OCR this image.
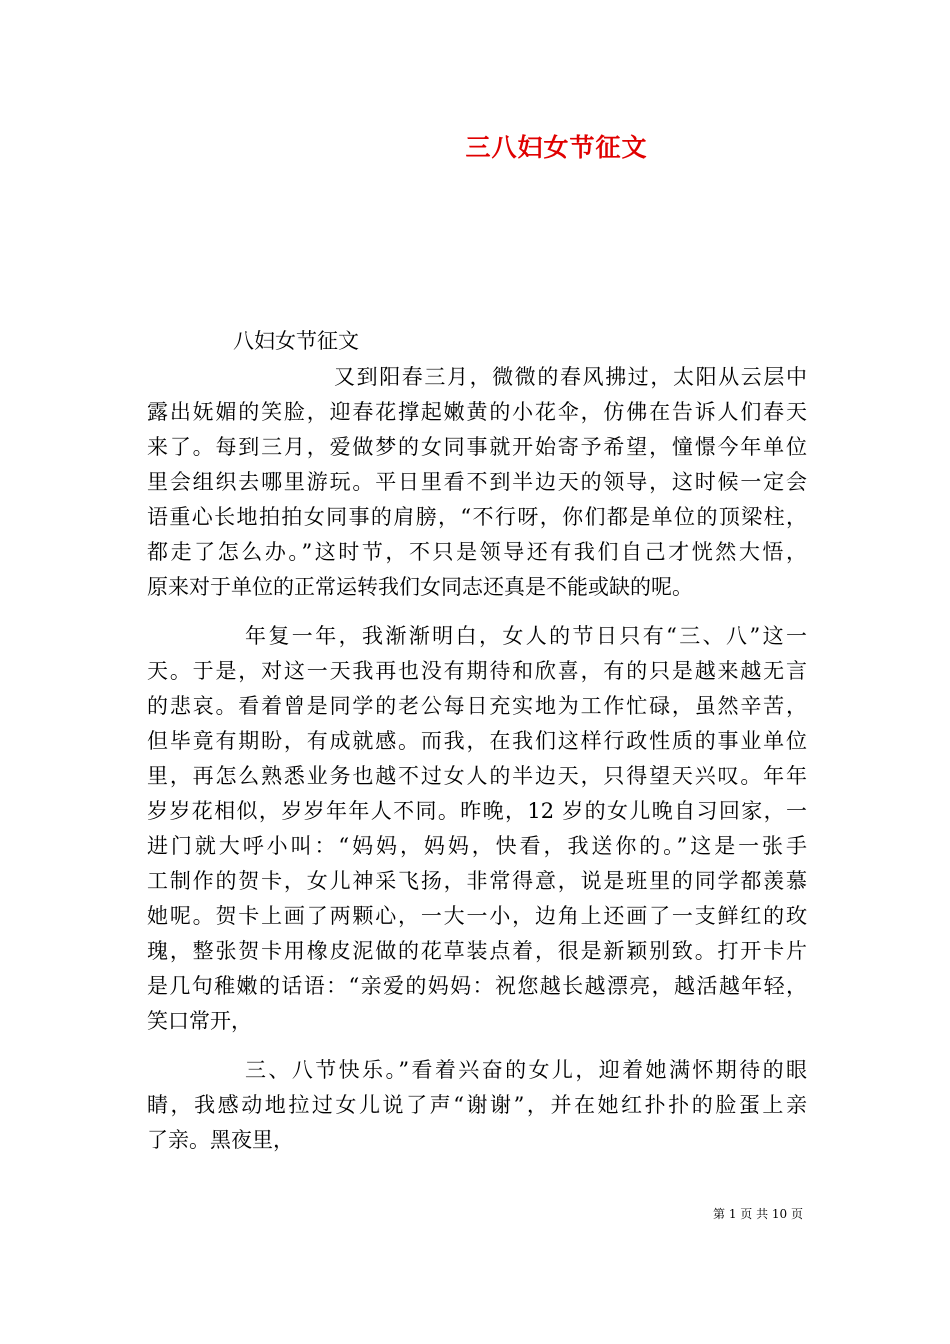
三八妇女节征文
八妇女节征文
又到阳春三月，微微的春风拂过，太阳从云层中
露出妩媚的笑脸，迎春花撑起嫩黄的小花伞，仿佛在告诉人们春天
来了。每到三月，爱做梦的女同事就开始寄予希望，憧憬今年单位
里会组织去哪里游玩。平日里看不到半边天的领导，这时候一定会
语重心长地拍拍女同事的肩膀，“不行呀，你们都是单位的顶梁柱，
都走了怎么办。”这时节，不只是领导还有我们自己才恍然大悟，
原来对于单位的正常运转我们女同志还真是不能或缺的呢。
年复一年，我渐渐明白，女人的节日只有“三、八”这一
天。于是，对这一天我再也没有期待和欣喜，有的只是越来越无言
的悲哀。看着曾是同学的老公每日充实地为工作忙碌，虽然辛苦，
但毕竟有期盼，有成就感。而我，在我们这样行政性质的事业单位
里，再怎么熟悉业务也越不过女人的半边天，只得望天兴叹。年年
岁岁花相似，岁岁年年人不同。昨晚，12 岁的女儿晚自习回家，一
进门就大呼小叫：“妈妈，妈妈，快看，我送你的。”这是一张手
工制作的贺卡，女儿神采飞扬，非常得意，说是班里的同学都羡慕
她呢。贺卡上画了两颗心，一大一小，边角上还画了一支鲜红的玫
瑰，整张贺卡用橡皮泥做的花草装点着，很是新颖别致。打开卡片
是几句稚嫩的话语：“亲爱的妈妈：祝您越长越漂亮，越活越年轻，
笑口常开，
三、八节快乐。”看着兴奋的女儿，迎着她满怀期待的眼
睛，我感动地拉过女儿说了声“谢谢”，并在她红扑扑的脸蛋上亲
了亲。黑夜里，
第 1 页 共 10 页
